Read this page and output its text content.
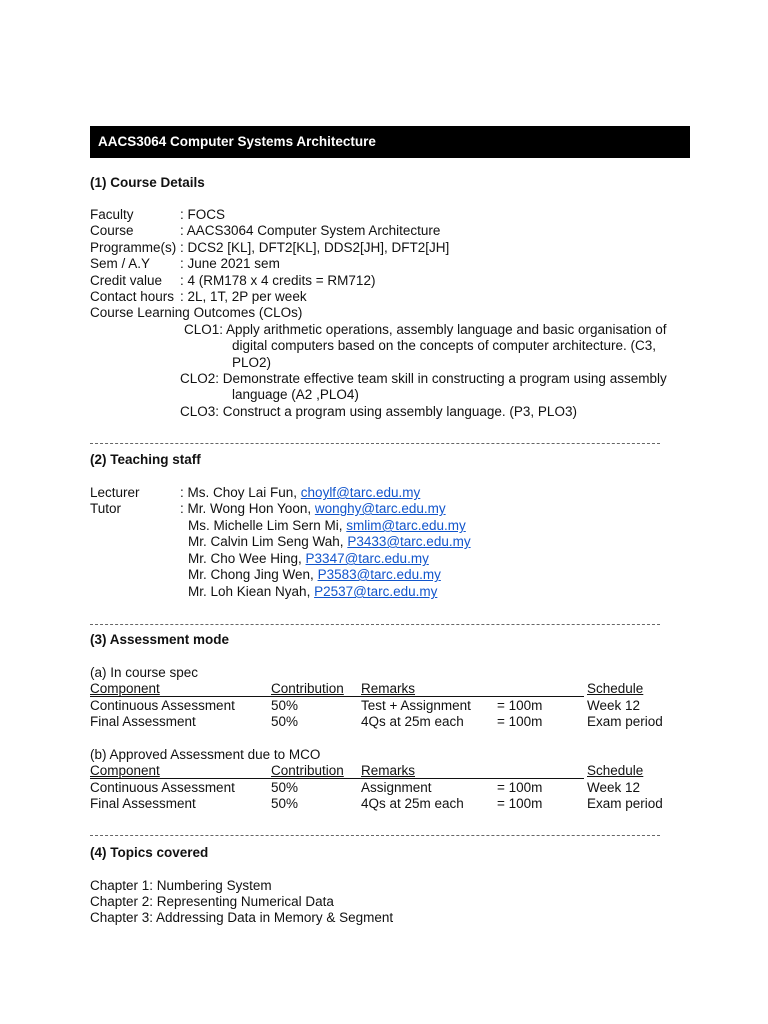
AACS3064 Computer Systems Architecture
(1) Course Details
Faculty	: FOCS
Course	: AACS3064 Computer System Architecture
Programme(s) : DCS2 [KL], DFT2[KL], DDS2[JH], DFT2[JH]
Sem / A.Y : June 2021 sem
Credit value : 4 (RM178 x 4 credits = RM712)
Contact hours : 2L, 1T, 2P per week
Course Learning Outcomes (CLOs)
CLO1: Apply arithmetic operations, assembly language and basic organisation of
digital computers based on the concepts of computer architecture. (C3,
PLO2)
CLO2: Demonstrate effective team skill in constructing a program using assembly
language (A2 ,PLO4)
CLO3: Construct a program using assembly language. (P3, PLO3)
(2) Teaching staff
Lecturer	: Ms. Choy Lai Fun, choylf@tarc.edu.my
Tutor	: Mr. Wong Hon Yoon, wonghy@tarc.edu.my
Ms. Michelle Lim Sern Mi, smlim@tarc.edu.my
Mr. Calvin Lim Seng Wah, P3433@tarc.edu.my
Mr. Cho Wee Hing, P3347@tarc.edu.my
Mr. Chong Jing Wen, P3583@tarc.edu.my
Mr. Loh Kiean Nyah, P2537@tarc.edu.my
(3) Assessment mode
(a) In course spec
Component	Contribution Remarks	Schedule
Continuous Assessment	50%	Test + Assignment = 100m	Week 12
Final Assessment	50%	4Qs at 25m each = 100m	Exam period
(b) Approved Assessment due to MCO
Component	Contribution Remarks	Schedule
Continuous Assessment	50%	Assignment	= 100m	Week 12
Final Assessment	50%	4Qs at 25m each = 100m	Exam period
(4) Topics covered
Chapter 1: Numbering System
Chapter 2: Representing Numerical Data
Chapter 3: Addressing Data in Memory & Segment
